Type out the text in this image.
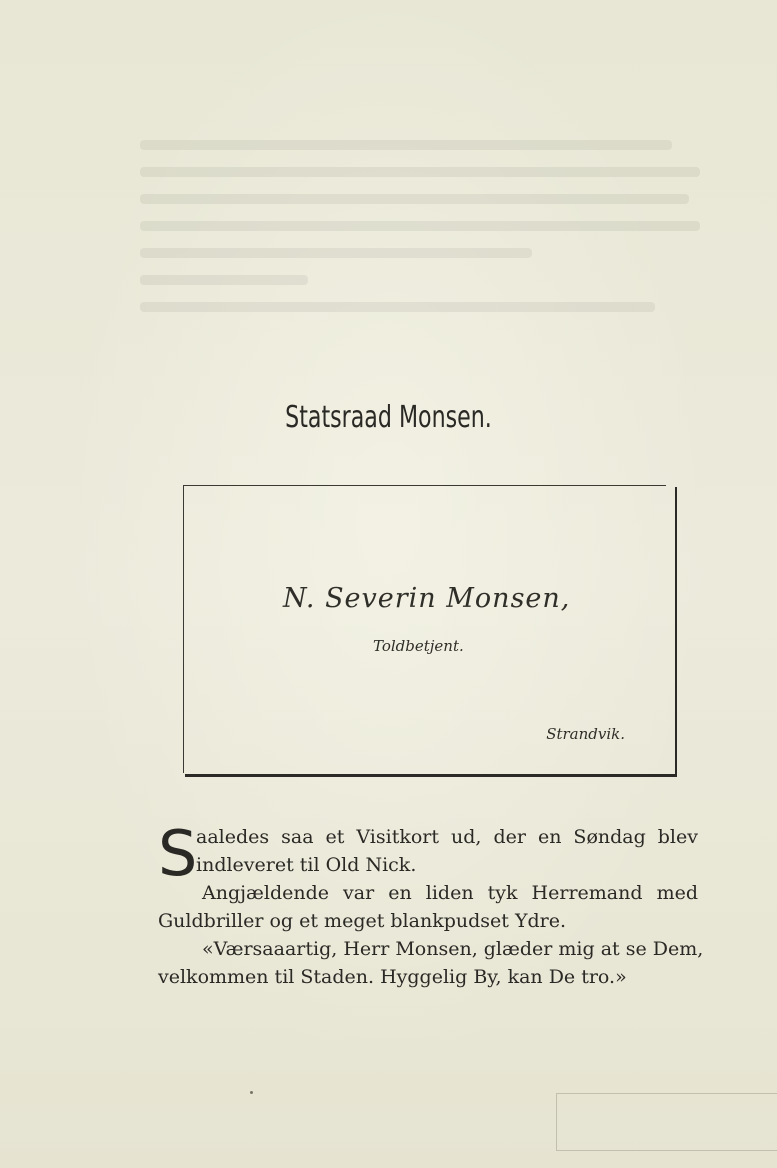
Statsraad Monsen.
N. Severin Monsen,
Toldbetjent.
Strandvik.
S
aaledes saa et Visitkort ud, der en Søndag blev
indleveret til Old Nick.
Angjældende var en liden tyk Herremand med
Guldbriller og et meget blankpudset Ydre.
«Værsaaartig, Herr Monsen, glæder mig at se Dem,
velkommen til Staden. Hyggelig By, kan De tro.»
